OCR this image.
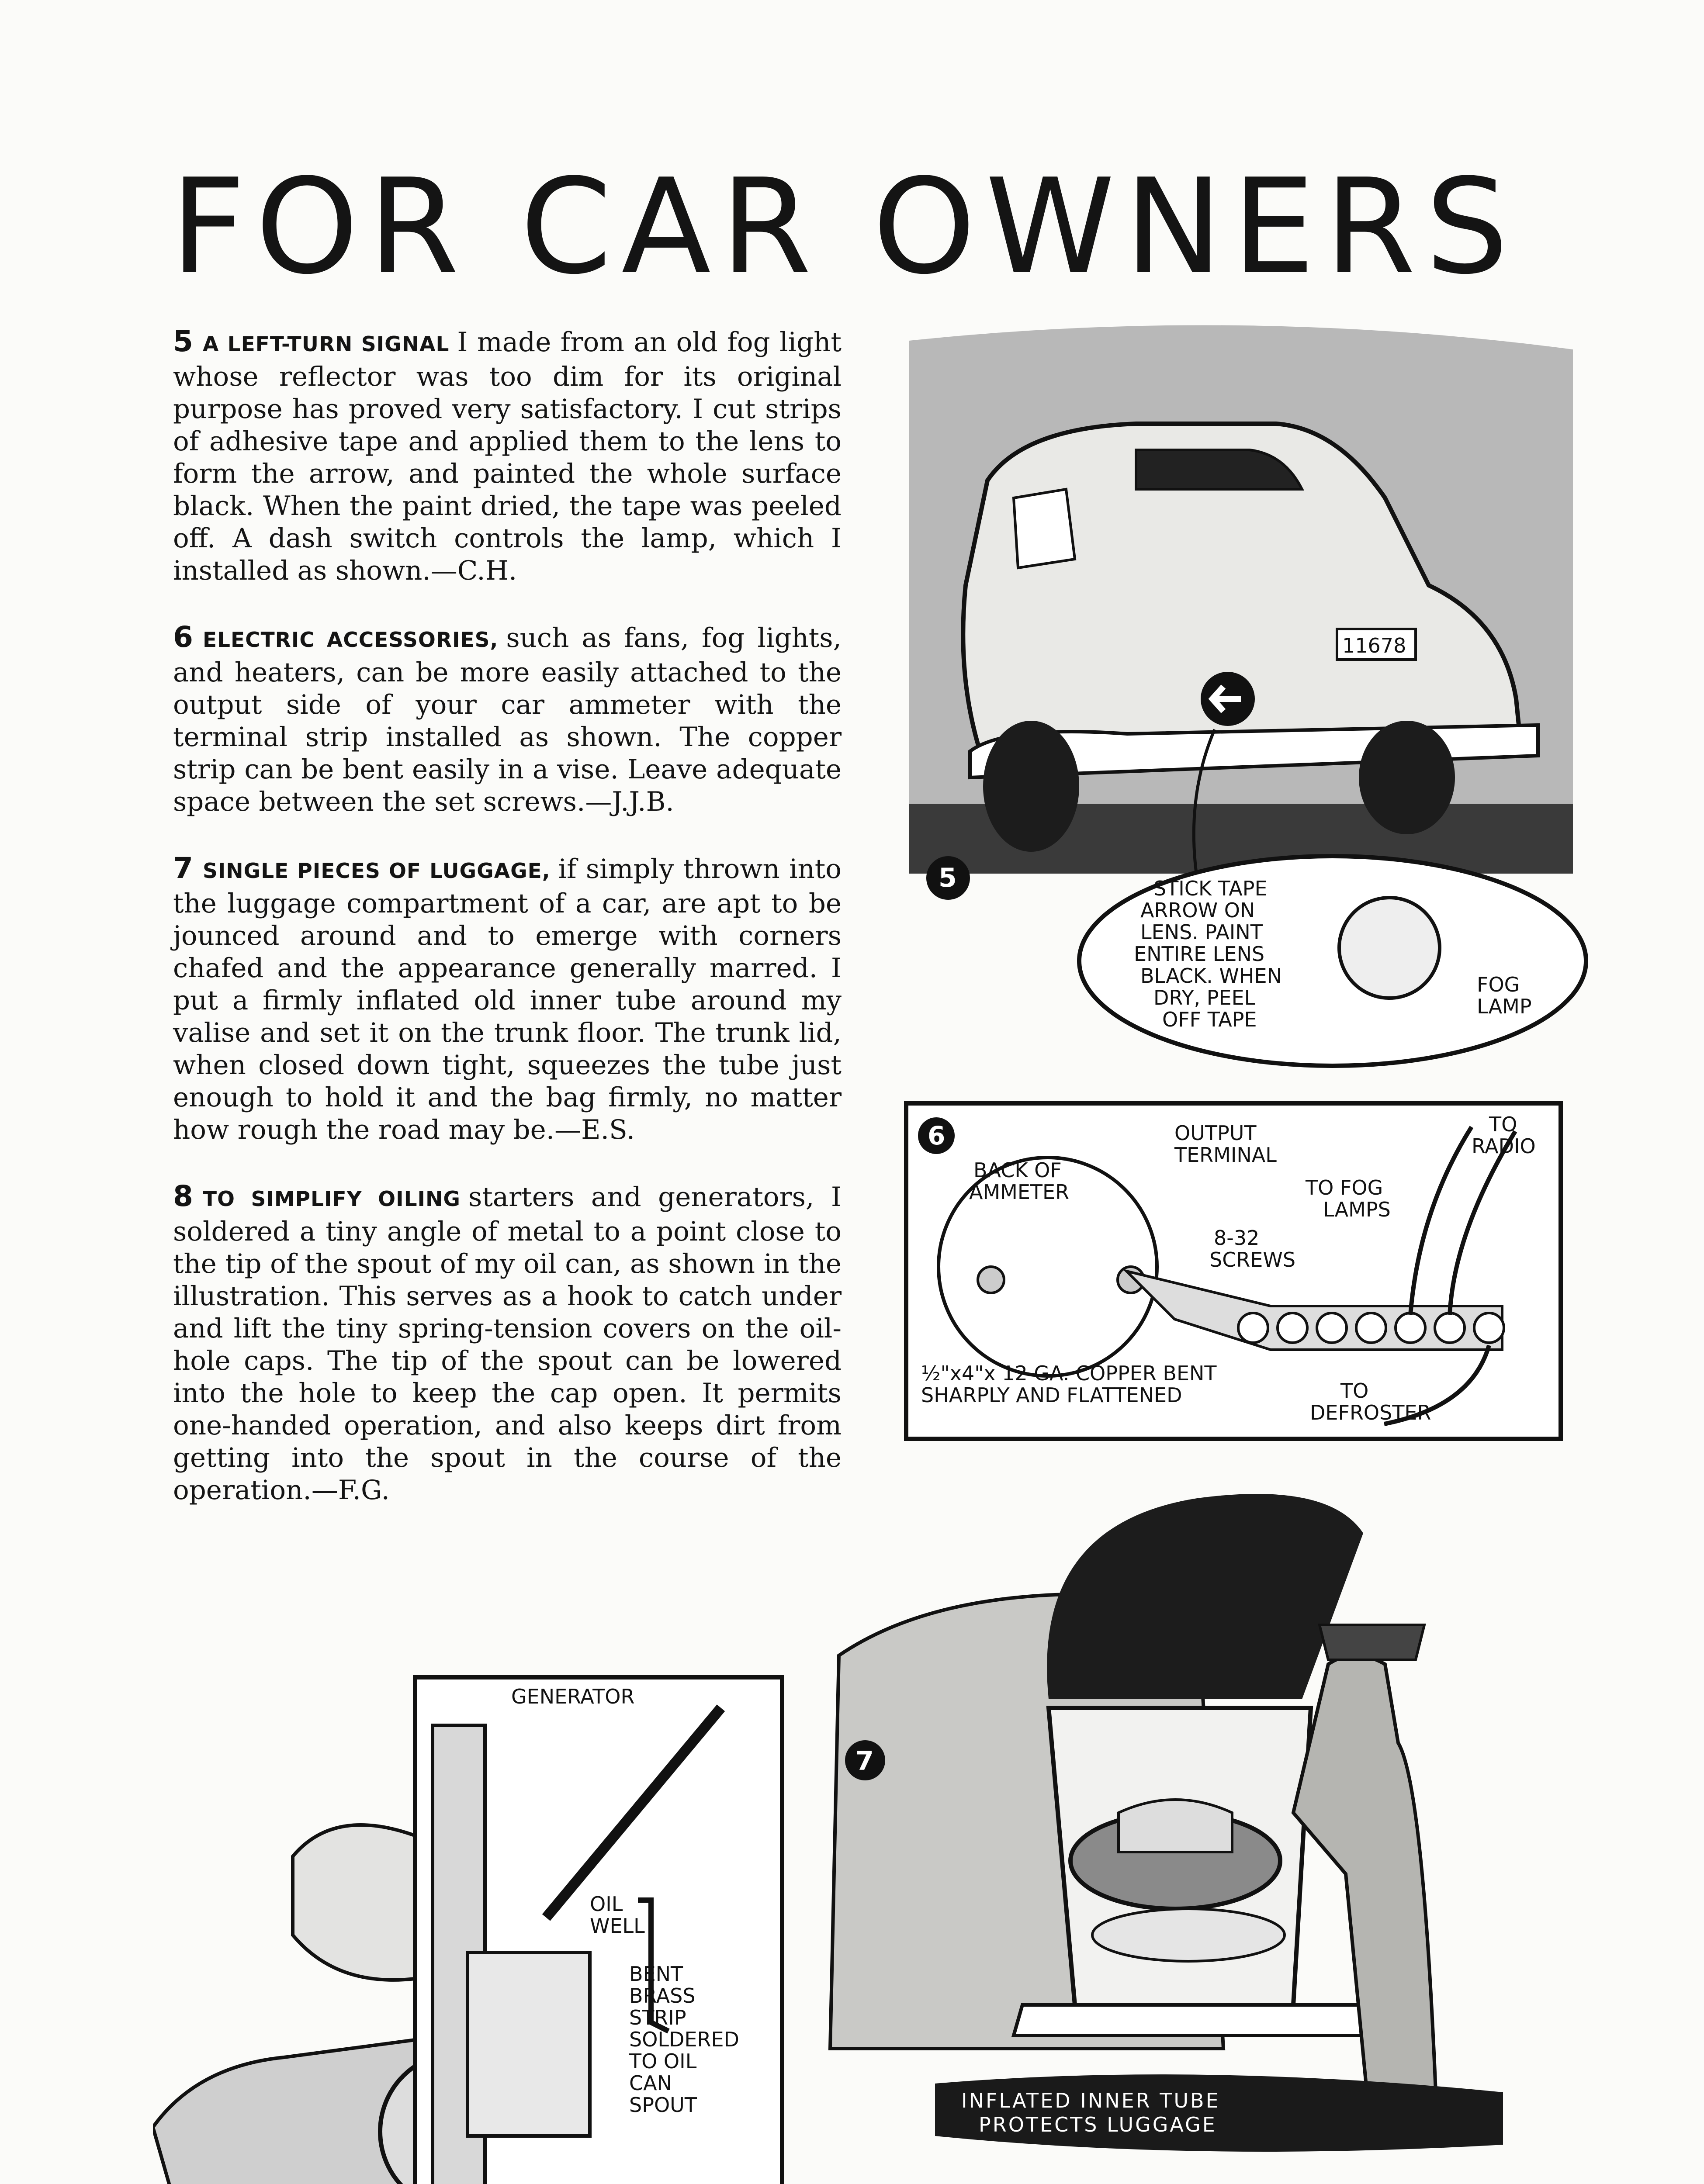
FOR CAR OWNERS

5 A LEFT-TURN SIGNAL I made from an old fog light whose reflector was too dim for its original purpose has proved very satisfactory. I cut strips of adhesive tape and applied them to the lens to form the arrow, and painted the whole surface black. When the paint dried, the tape was peeled off. A dash switch controls the lamp, which I installed as shown.—C.H.

6 ELECTRIC ACCESSORIES, such as fans, fog lights, and heaters, can be more easily attached to the output side of your car ammeter with the terminal strip installed as shown. The copper strip can be bent easily in a vise. Leave adequate space between the set screws.—J.J.B.

7 SINGLE PIECES OF LUGGAGE, if simply thrown into the luggage compartment of a car, are apt to be jounced around and to emerge with corners chafed and the appearance generally marred. I put a firmly inflated old inner tube around my valise and set it on the trunk floor. The trunk lid, when closed down tight, squeezes the tube just enough to hold it and the bag firmly, no matter how rough the road may be.—E.S.

8 TO SIMPLIFY OILING starters and generators, I soldered a tiny angle of metal to a point close to the tip of the spout of my oil can, as shown in the illustration. This serves as a hook to catch under and lift the tiny spring-tension covers on the oil-hole caps. The tip of the spout can be lowered into the hole to keep the cap open. It permits one-handed operation, and also keeps dirt from getting into the spout in the course of the operation.—F.G.

11678
5	STICK TAPE ARROW ON LENS. PAINT ENTIRE LENS BLACK. WHEN DRY, PEEL OFF TAPE
FOG LAMP
6	OUTPUT TERMINAL
BACK OF AMMETER	TO FOG LAMPS
8-32 SCREWS
TO RADIO
½"x4"x 12 GA. COPPER BENT SHARPLY AND FLATTENED	TO DEFROSTER
7
INFLATED INNER TUBE PROTECTS LUGGAGE
GENERATOR
OIL WELL
BENT BRASS STRIP SOLDERED TO OIL CAN SPOUT
